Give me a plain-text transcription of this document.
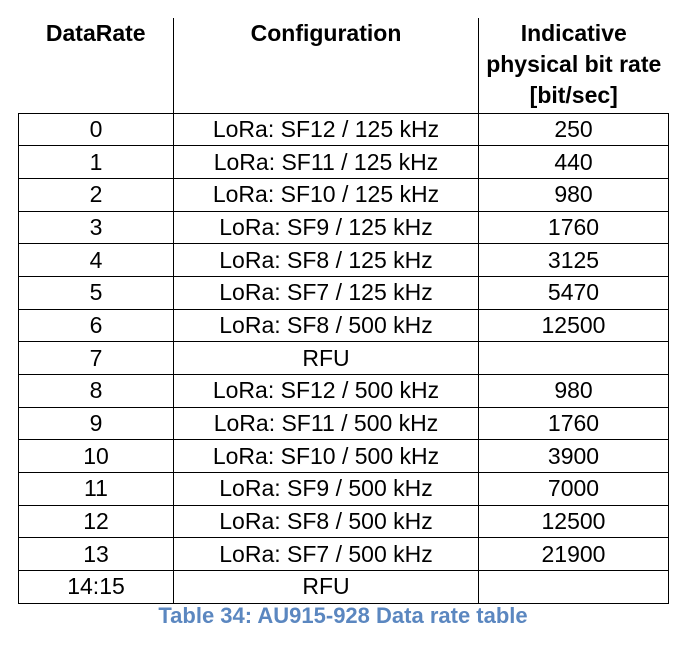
DataRate	Configuration	Indicative physical bit rate [bit/sec]
0	LoRa: SF12 / 125 kHz	250
1	LoRa: SF11 / 125 kHz	440
2	LoRa: SF10 / 125 kHz	980
3	LoRa: SF9 / 125 kHz	1760
4	LoRa: SF8 / 125 kHz	3125
5	LoRa: SF7 / 125 kHz	5470
6	LoRa: SF8 / 500 kHz	12500
7	RFU	
8	LoRa: SF12 / 500 kHz	980
9	LoRa: SF11 / 500 kHz	1760
10	LoRa: SF10 / 500 kHz	3900
11	LoRa: SF9 / 500 kHz	7000
12	LoRa: SF8 / 500 kHz	12500
13	LoRa: SF7 / 500 kHz	21900
14:15	RFU	
Table 34: AU915-928 Data rate table
